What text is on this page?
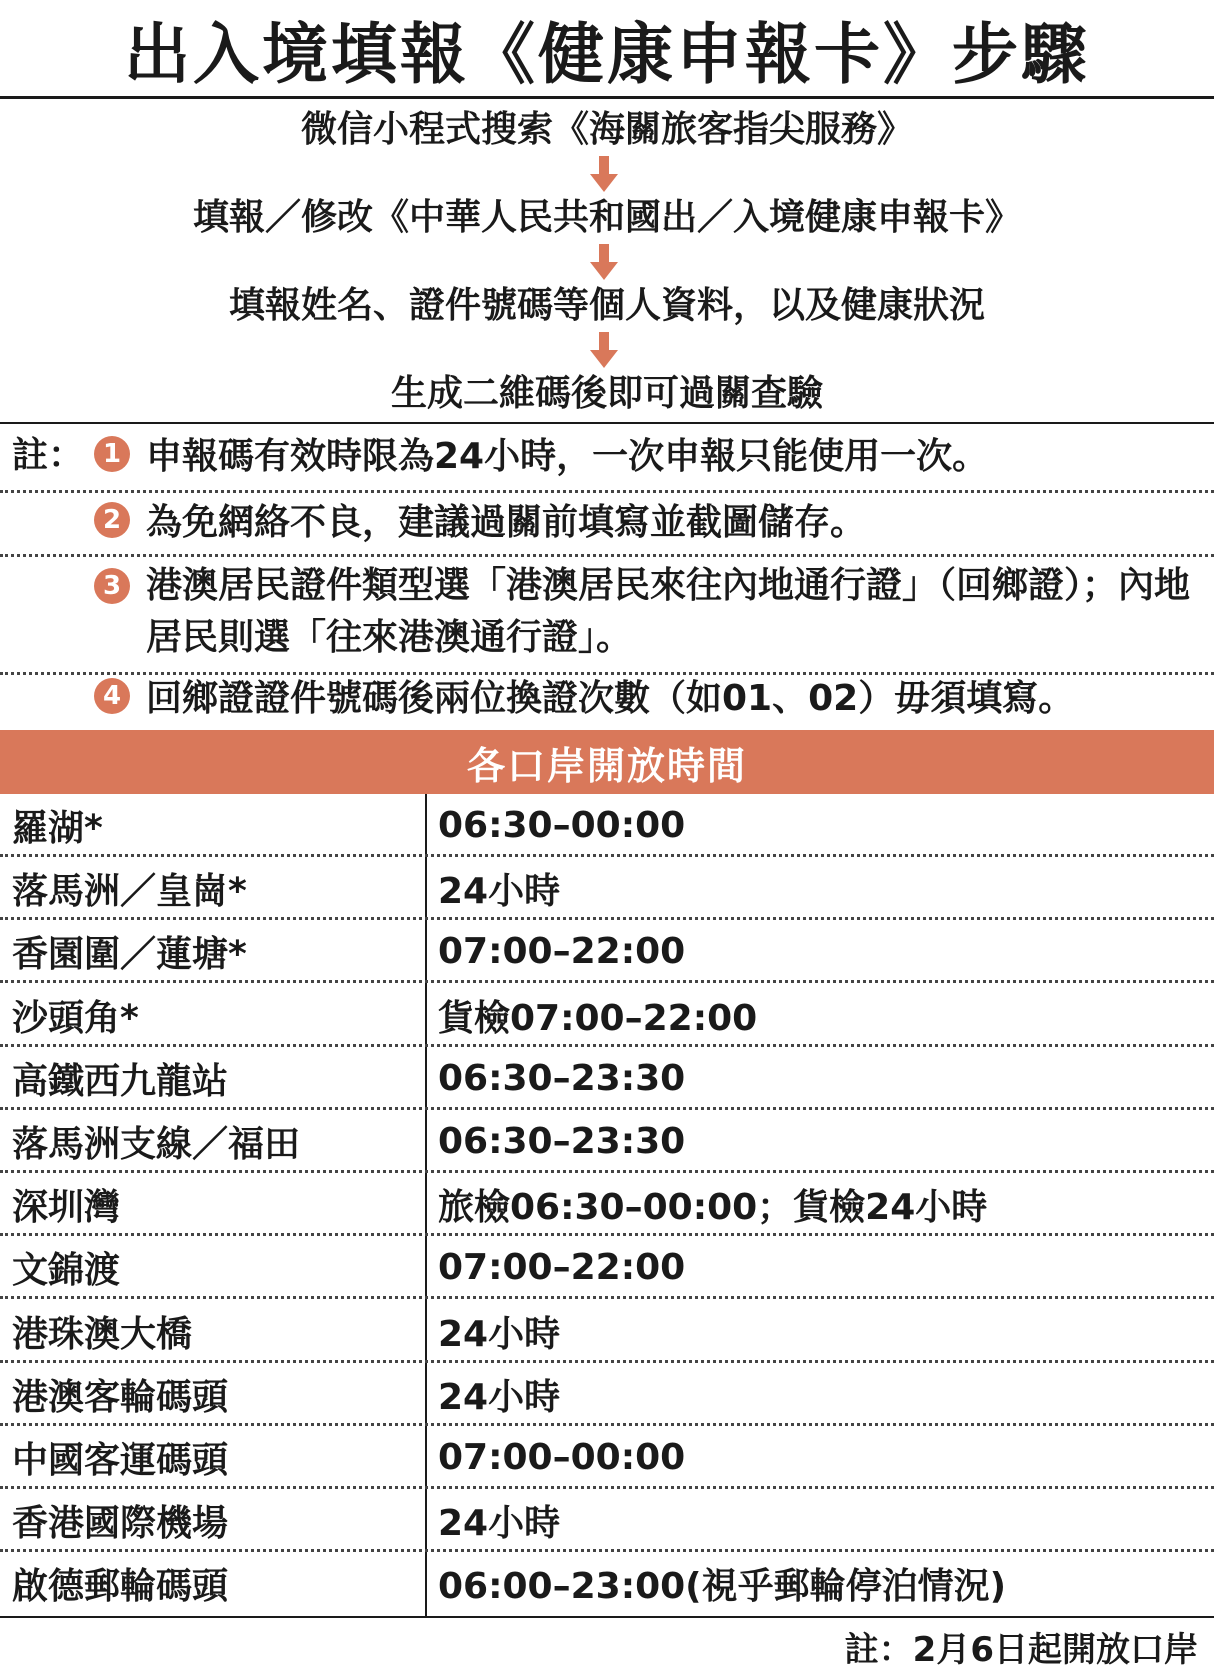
出入境填報《健康申報卡》步驟
微信小程式搜索《海關旅客指尖服務》
填報／修改《中華人民共和國出／入境健康申報卡》
填報姓名、證件號碼等個人資料，以及健康狀況
生成二維碼後即可過關查驗
註： 1 申報碼有效時限為24小時，一次申報只能使用一次。
2 為免網絡不良，建議過關前填寫並截圖儲存。
3 港澳居民證件類型選「港澳居民來往內地通行證」（回鄉證）；內地居民則選「往來港澳通行證」。
4 回鄉證證件號碼後兩位換證次數（如01、02）毋須填寫。
各口岸開放時間
羅湖*	06:30–00:00
落馬洲／皇崗*	24小時
香園圍／蓮塘*	07:00–22:00
沙頭角*	貨檢07:00–22:00
高鐵西九龍站	06:30–23:30
落馬洲支線／福田	06:30–23:30
深圳灣	旅檢06:30–00:00；貨檢24小時
文錦渡	07:00–22:00
港珠澳大橋	24小時
港澳客輪碼頭	24小時
中國客運碼頭	07:00–00:00
香港國際機場	24小時
啟德郵輪碼頭	06:00–23:00(視乎郵輪停泊情況)
註：2月6日起開放口岸
